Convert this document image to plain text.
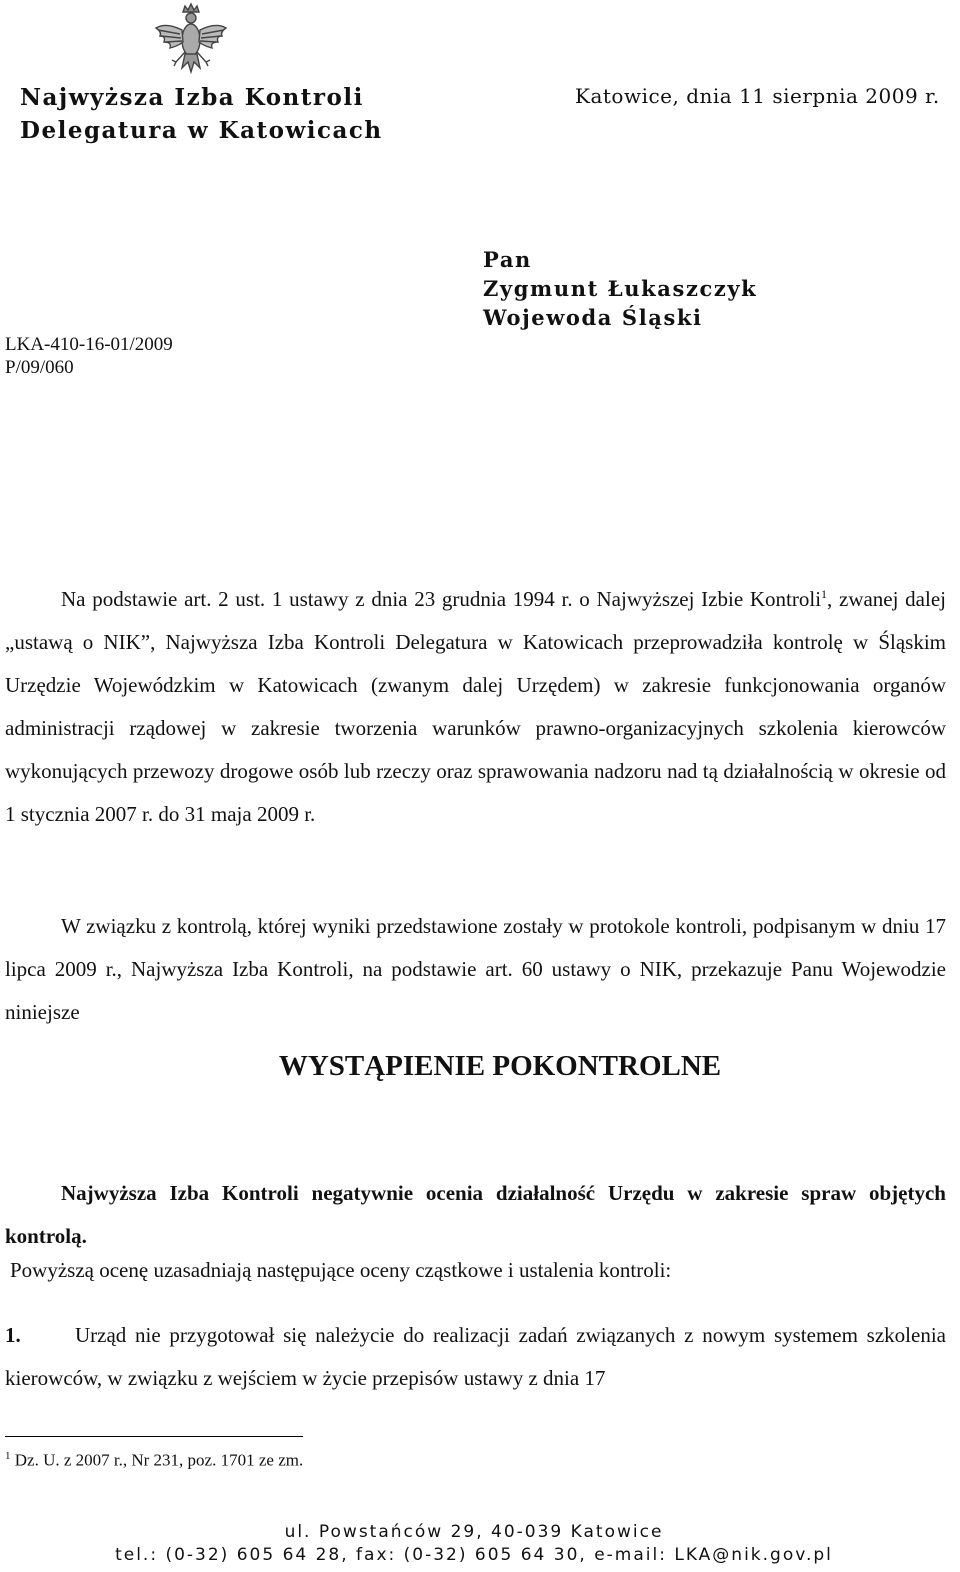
Najwyższa Izba Kontroli
Delegatura w Katowicach
Katowice, dnia 11 sierpnia 2009 r.
Pan
Zygmunt Łukaszczyk
Wojewoda Śląski
LKA-410-16-01/2009
P/09/060

Na podstawie art. 2 ust. 1 ustawy z dnia 23 grudnia 1994 r. o Najwyższej Izbie Kontroli$^1$, zwanej dalej „ustawą o NIK”, Najwyższa Izba Kontroli Delegatura w Katowicach przeprowadziła kontrolę w Śląskim Urzędzie Wojewódzkim w Katowicach (zwanym dalej Urzędem) w zakresie funkcjonowania organów administracji rządowej w zakresie tworzenia warunków prawno-organizacyjnych szkolenia kierowców wykonujących przewozy drogowe osób lub rzeczy oraz sprawowania nadzoru nad tą działalnością w okresie od 1 stycznia 2007 r. do 31 maja 2009 r.

W związku z kontrolą, której wyniki przedstawione zostały w protokole kontroli, podpisanym w dniu 17 lipca 2009 r., Najwyższa Izba Kontroli, na podstawie art. 60 ustawy o NIK, przekazuje Panu Wojewodzie niniejsze

WYSTĄPIENIE POKONTROLNE

Najwyższa Izba Kontroli negatywnie ocenia działalność Urzędu w zakresie spraw objętych kontrolą.

Powyższą ocenę uzasadniają następujące oceny cząstkowe i ustalenia kontroli:

1.	Urząd nie przygotował się należycie do realizacji zadań związanych z nowym systemem szkolenia kierowców, w związku z wejściem w życie przepisów ustawy z dnia 17

$^1$ Dz. U. z 2007 r., Nr 231, poz. 1701 ze zm.
ul. Powstańców 29, 40-039 Katowice
tel.: (0-32) 605 64 28, fax: (0-32) 605 64 30, e-mail: LKA@nik.gov.pl
